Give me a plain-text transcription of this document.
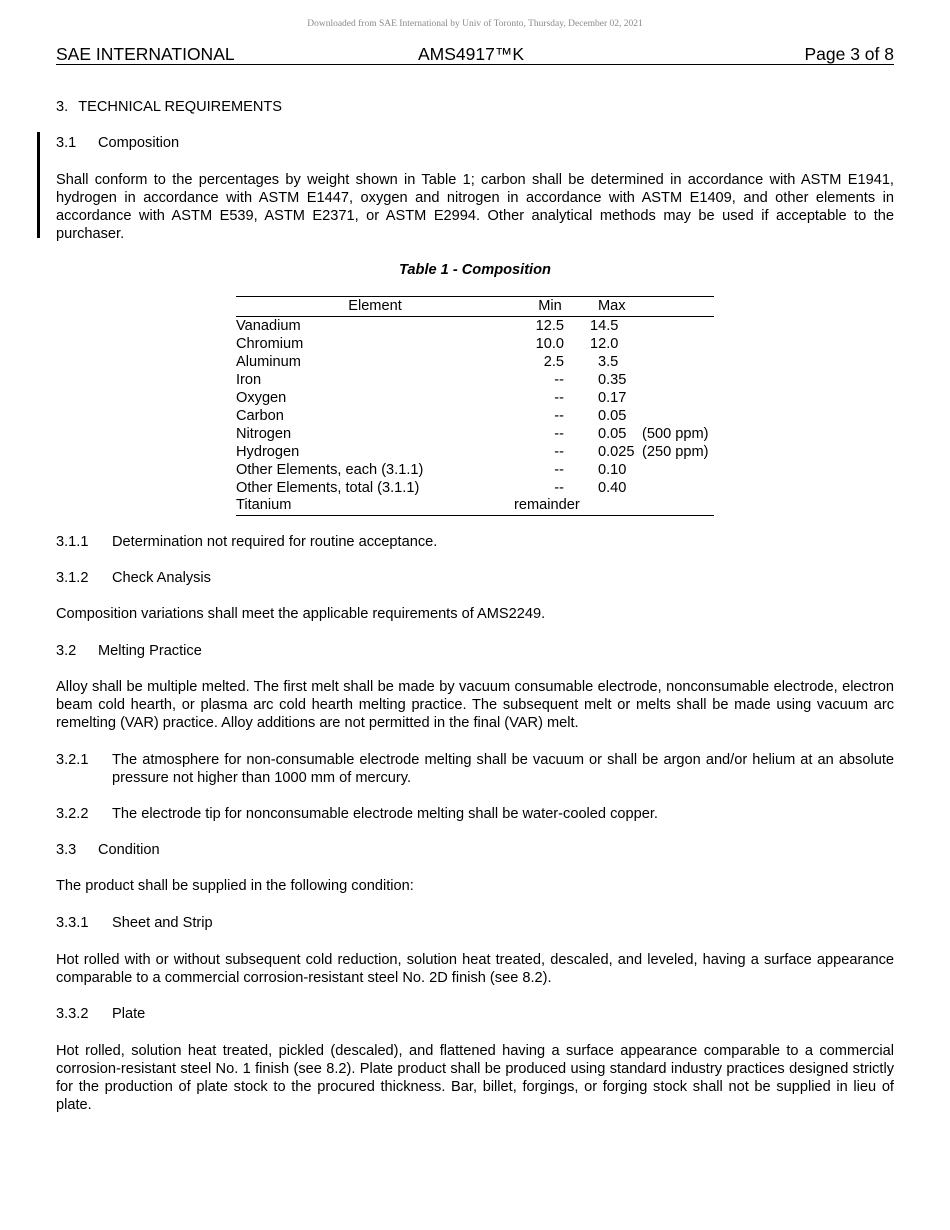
Downloaded from SAE International by Univ of Toronto, Thursday, December 02, 2021
SAE INTERNATIONAL	AMS4917™K	Page 3 of 8
3. TECHNICAL REQUIREMENTS
3.1 Composition
Shall conform to the percentages by weight shown in Table 1; carbon shall be determined in accordance with ASTM E1941, hydrogen in accordance with ASTM E1447, oxygen and nitrogen in accordance with ASTM E1409, and other elements in accordance with ASTM E539, ASTM E2371, or ASTM E2994. Other analytical methods may be used if acceptable to the purchaser.
Table 1 - Composition
Element	Min Max
Vanadium	12.5 14.5
Chromium	10.0 12.0
Aluminum	2.5 3.5
Iron	-- 0.35
Oxygen	-- 0.17
Carbon	-- 0.05
Nitrogen	-- 0.05 (500 ppm)
Hydrogen	-- 0.025 (250 ppm)
Other Elements, each (3.1.1)	-- 0.10
Other Elements, total (3.1.1)	-- 0.40
Titanium	remainder
3.1.1 Determination not required for routine acceptance.
3.1.2 Check Analysis
Composition variations shall meet the applicable requirements of AMS2249.
3.2 Melting Practice
Alloy shall be multiple melted. The first melt shall be made by vacuum consumable electrode, nonconsumable electrode, electron beam cold hearth, or plasma arc cold hearth melting practice. The subsequent melt or melts shall be made using vacuum arc remelting (VAR) practice. Alloy additions are not permitted in the final (VAR) melt.
3.2.1 The atmosphere for non-consumable electrode melting shall be vacuum or shall be argon and/or helium at an absolute pressure not higher than 1000 mm of mercury.
3.2.2 The electrode tip for nonconsumable electrode melting shall be water-cooled copper.
3.3 Condition
The product shall be supplied in the following condition:
3.3.1 Sheet and Strip
Hot rolled with or without subsequent cold reduction, solution heat treated, descaled, and leveled, having a surface appearance comparable to a commercial corrosion-resistant steel No. 2D finish (see 8.2).
3.3.2 Plate
Hot rolled, solution heat treated, pickled (descaled), and flattened having a surface appearance comparable to a commercial corrosion-resistant steel No. 1 finish (see 8.2). Plate product shall be produced using standard industry practices designed strictly for the production of plate stock to the procured thickness. Bar, billet, forgings, or forging stock shall not be supplied in lieu of plate.
